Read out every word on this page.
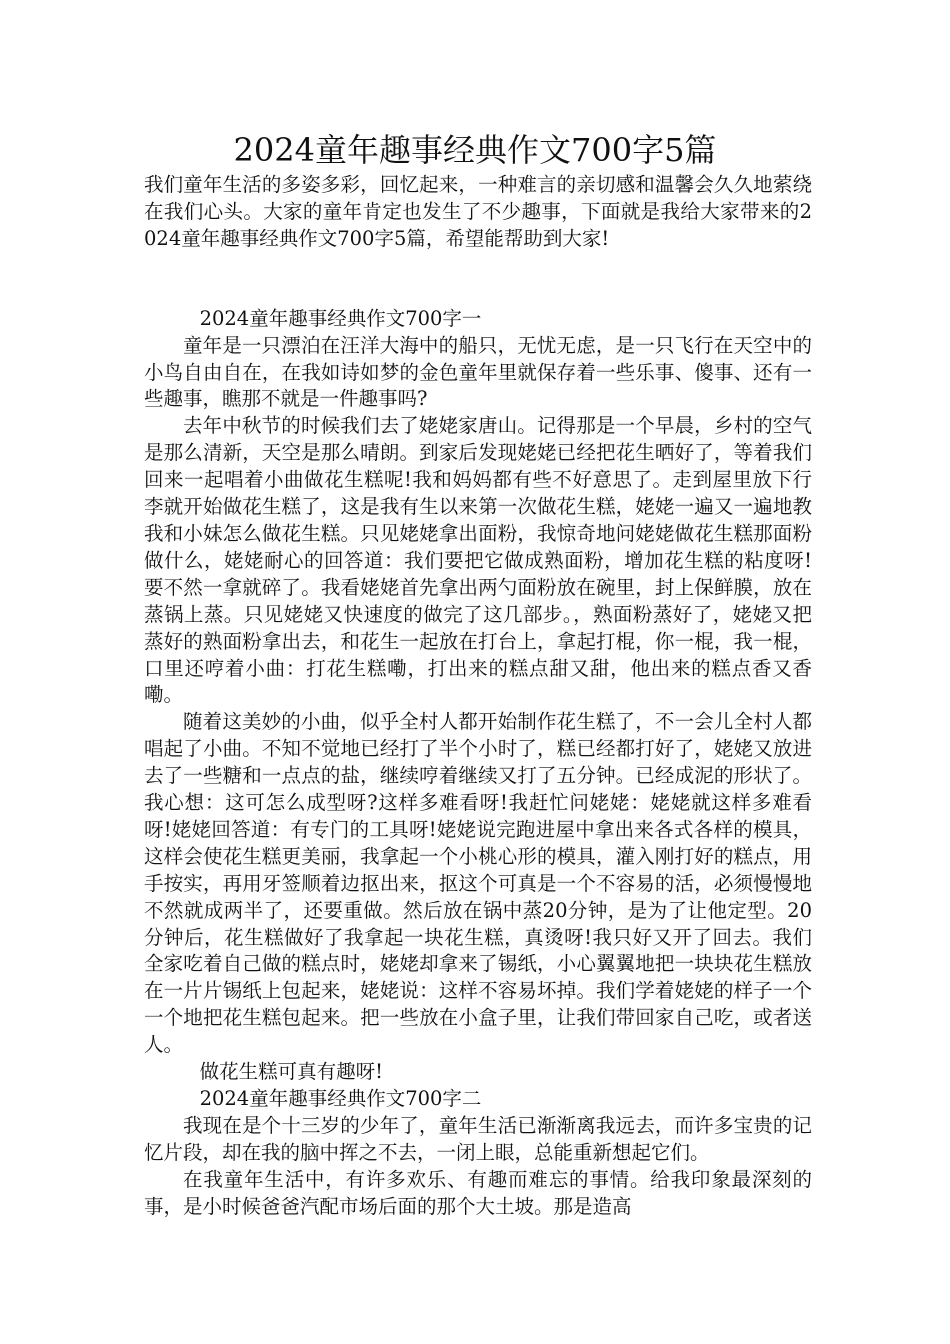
2024童年趣事经典作文700字5篇

我们童年生活的多姿多彩，回忆起来，一种难言的亲切感和温馨会久久地萦绕在我们心头。大家的童年肯定也发生了不少趣事，下面就是我给大家带来的2024童年趣事经典作文700字5篇，希望能帮助到大家!

2024童年趣事经典作文700字一

童年是一只漂泊在汪洋大海中的船只，无忧无虑，是一只飞行在天空中的小鸟自由自在，在我如诗如梦的金色童年里就保存着一些乐事、傻事、还有一些趣事，瞧那不就是一件趣事吗?

去年中秋节的时候我们去了姥姥家唐山。记得那是一个早晨，乡村的空气是那么清新，天空是那么晴朗。到家后发现姥姥已经把花生晒好了，等着我们回来一起唱着小曲做花生糕呢!我和妈妈都有些不好意思了。走到屋里放下行李就开始做花生糕了，这是我有生以来第一次做花生糕，姥姥一遍又一遍地教我和小妹怎么做花生糕。只见姥姥拿出面粉，我惊奇地问姥姥做花生糕那面粉做什么，姥姥耐心的回答道：我们要把它做成熟面粉，增加花生糕的粘度呀!要不然一拿就碎了。我看姥姥首先拿出两勺面粉放在碗里，封上保鲜膜，放在蒸锅上蒸。只见姥姥又快速度的做完了这几部步。，熟面粉蒸好了，姥姥又把蒸好的熟面粉拿出去，和花生一起放在打台上，拿起打棍，你一棍，我一棍，口里还哼着小曲：打花生糕嘞，打出来的糕点甜又甜，他出来的糕点香又香嘞。

随着这美妙的小曲，似乎全村人都开始制作花生糕了，不一会儿全村人都唱起了小曲。不知不觉地已经打了半个小时了，糕已经都打好了，姥姥又放进去了一些糖和一点点的盐，继续哼着继续又打了五分钟。已经成泥的形状了。我心想：这可怎么成型呀?这样多难看呀!我赶忙问姥姥：姥姥就这样多难看呀!姥姥回答道：有专门的工具呀!姥姥说完跑进屋中拿出来各式各样的模具，这样会使花生糕更美丽，我拿起一个小桃心形的模具，灌入刚打好的糕点，用手按实，再用牙签顺着边抠出来，抠这个可真是一个不容易的活，必须慢慢地不然就成两半了，还要重做。然后放在锅中蒸20分钟，是为了让他定型。20分钟后，花生糕做好了我拿起一块花生糕，真烫呀!我只好又开了回去。我们全家吃着自己做的糕点时，姥姥却拿来了锡纸，小心翼翼地把一块块花生糕放在一片片锡纸上包起来，姥姥说：这样不容易坏掉。我们学着姥姥的样子一个一个地把花生糕包起来。把一些放在小盒子里，让我们带回家自己吃，或者送人。

做花生糕可真有趣呀!

2024童年趣事经典作文700字二

我现在是个十三岁的少年了，童年生活已渐渐离我远去，而许多宝贵的记忆片段，却在我的脑中挥之不去，一闭上眼，总能重新想起它们。

在我童年生活中，有许多欢乐、有趣而难忘的事情。给我印象最深刻的事，是小时候爸爸汽配市场后面的那个大土坡。那是造高
